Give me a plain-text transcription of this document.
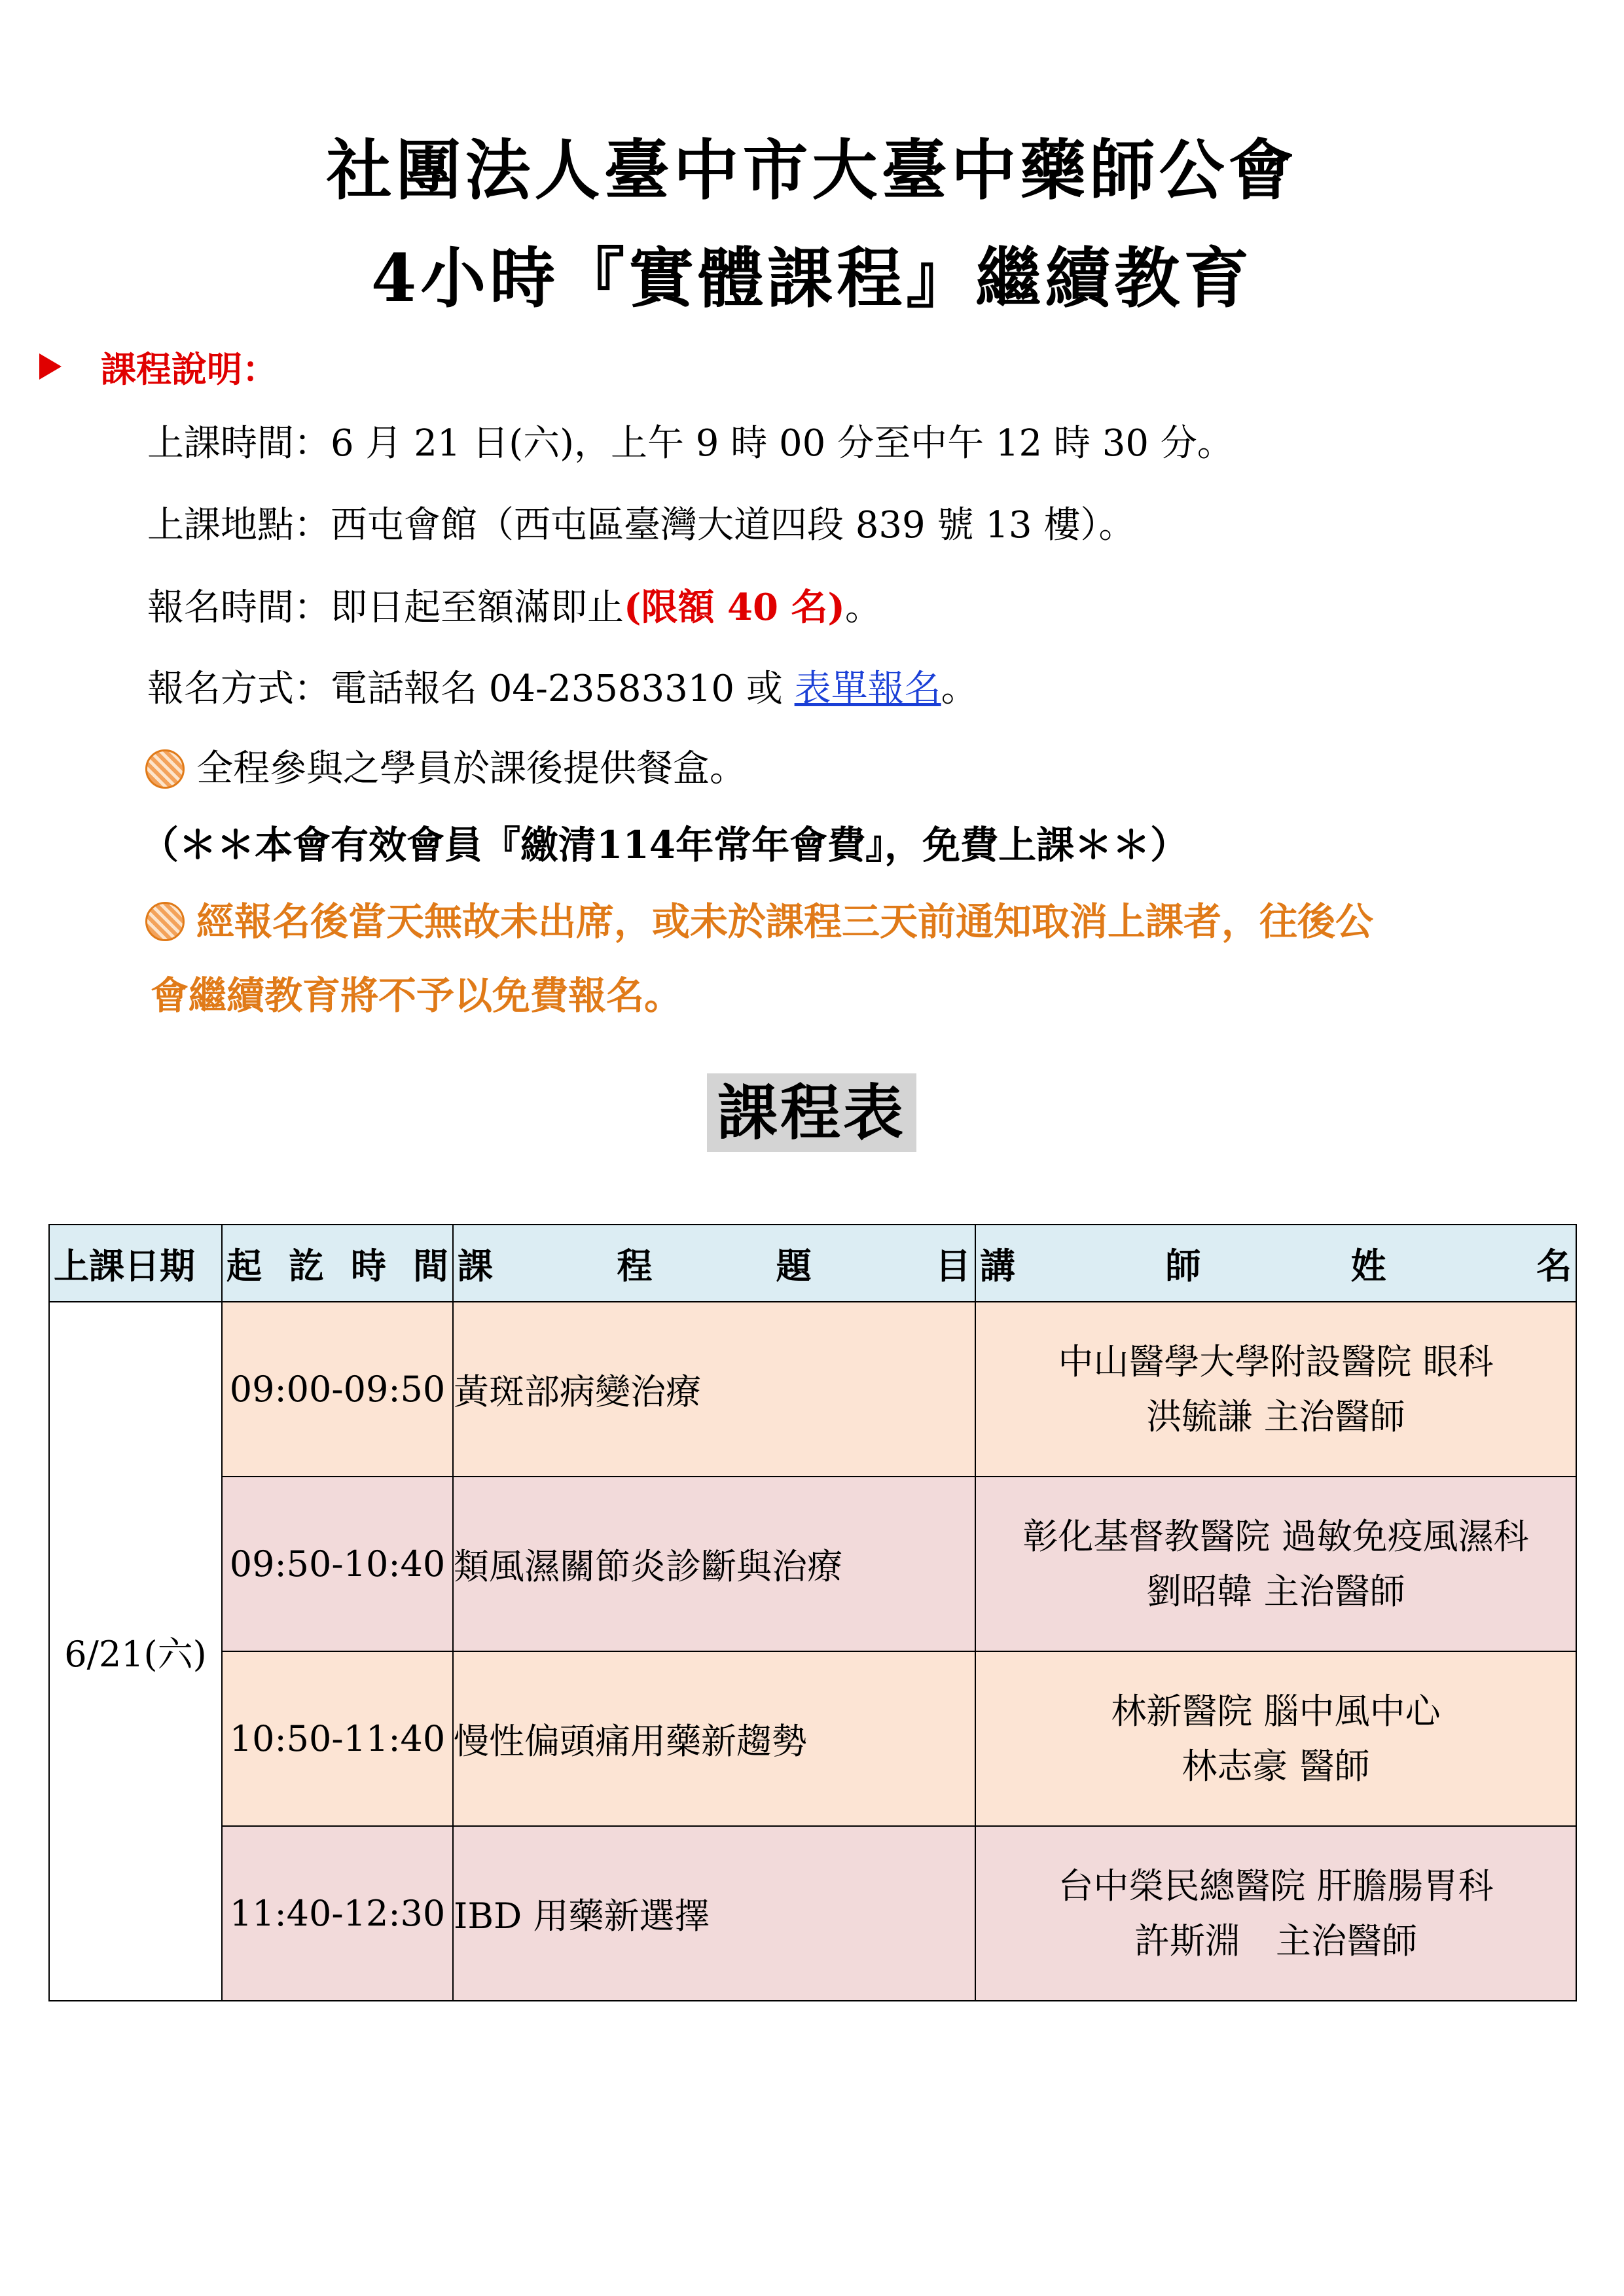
社團法人臺中市大臺中藥師公會
4小時『實體課程』繼續教育
課程說明：
上課時間：6 月 21 日(六)，上午 9 時 00 分至中午 12 時 30 分。
上課地點：西屯會館（西屯區臺灣大道四段 839 號 13 樓）。
報名時間：即日起至額滿即止(限額 40 名)。
報名方式：電話報名 04-23583310 或 表單報名。
全程參與之學員於課後提供餐盒。
（＊＊本會有效會員『繳清114年常年會費』，免費上課＊＊）
經報名後當天無故未出席，或未於課程三天前通知取消上課者，往後公
會繼續教育將不予以免費報名。
課程表
上課日期	起 訖 時 間	課 程 題 目	講 師 姓 名

6/21(六)	09:00-09:50	黃斑部病變治療	中山醫學大學附設醫院 眼科
洪毓謙 主治醫師

	09:50-10:40	類風濕關節炎診斷與治療	彰化基督教醫院 過敏免疫風濕科
劉昭韓 主治醫師

	10:50-11:40	慢性偏頭痛用藥新趨勢	林新醫院 腦中風中心
林志豪 醫師

	11:40-12:30	IBD 用藥新選擇	台中榮民總醫院 肝膽腸胃科
許斯淵　主治醫師
